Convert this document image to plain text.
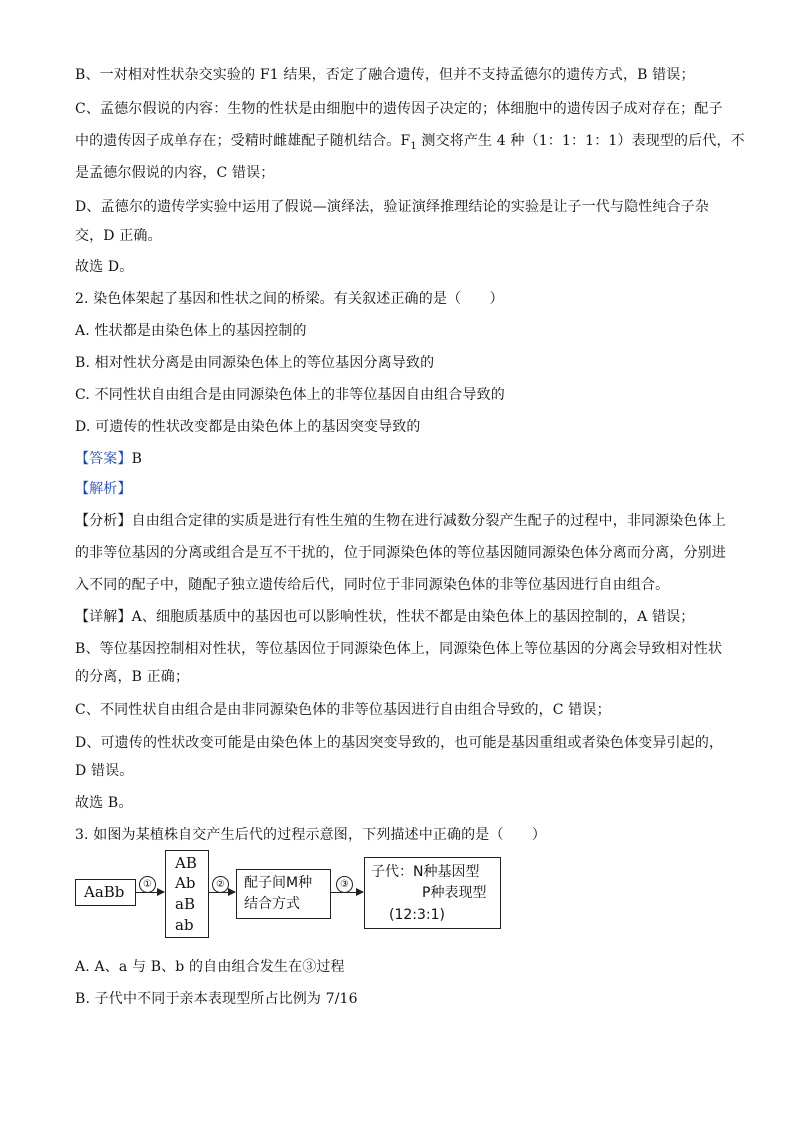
B、一对相对性状杂交实验的 F1 结果，否定了融合遗传，但并不支持孟德尔的遗传方式，B 错误；
C、孟德尔假说的内容：生物的性状是由细胞中的遗传因子决定的；体细胞中的遗传因子成对存在；配子
中的遗传因子成单存在；受精时雌雄配子随机结合。$F_1$ 测交将产生 4 种（1：1：1：1）表现型的后代，不
是孟德尔假说的内容，C 错误；
D、孟德尔的遗传学实验中运用了假说—演绎法，验证演绎推理结论的实验是让子一代与隐性纯合子杂
交，D 正确。
故选 D。
2. 染色体架起了基因和性状之间的桥梁。有关叙述正确的是（　　）
A. 性状都是由染色体上的基因控制的
B. 相对性状分离是由同源染色体上的等位基因分离导致的
C. 不同性状自由组合是由同源染色体上的非等位基因自由组合导致的
D. 可遗传的性状改变都是由染色体上的基因突变导致的
【答案】B
【解析】
【分析】自由组合定律的实质是进行有性生殖的生物在进行减数分裂产生配子的过程中，非同源染色体上
的非等位基因的分离或组合是互不干扰的，位于同源染色体的等位基因随同源染色体分离而分离，分别进
入不同的配子中，随配子独立遗传给后代，同时位于非同源染色体的非等位基因进行自由组合。
【详解】A、细胞质基质中的基因也可以影响性状，性状不都是由染色体上的基因控制的，A 错误；
B、等位基因控制相对性状，等位基因位于同源染色体上，同源染色体上等位基因的分离会导致相对性状
的分离，B 正确；
C、不同性状自由组合是由非同源染色体的非等位基因进行自由组合导致的，C 错误；
D、可遗传的性状改变可能是由染色体上的基因突变导致的，也可能是基因重组或者染色体变异引起的，
D 错误。
故选 B。
3. 如图为某植株自交产生后代的过程示意图，下列描述中正确的是（　　）
A. A、a 与 B、b 的自由组合发生在③过程
B. 子代中不同于亲本表现型所占比例为 7/16
AaBb	①
AB
Ab
aB
ab
② 配子间M种
结合方式
③
子代：N种基因型
P种表现型
(12:3:1)
